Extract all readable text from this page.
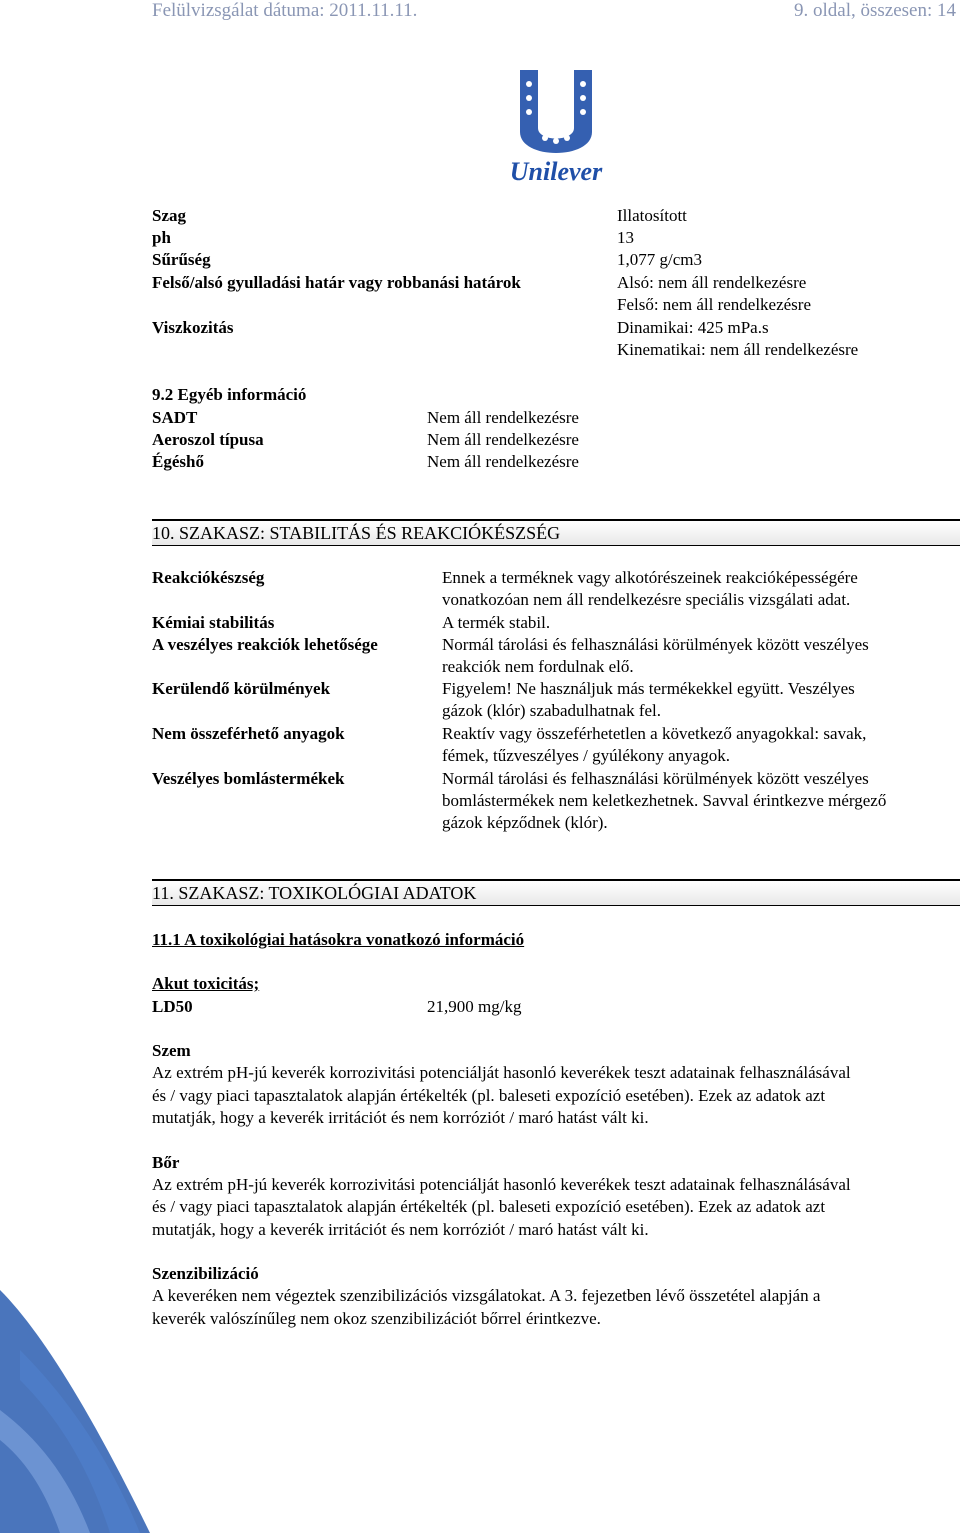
Felülvizsgálat dátuma: 2011.11.11.	9. oldal, összesen: 14
Unilever
Szag	Illatosított
ph	13
Sűrűség	1,077 g/cm3
Felső/alsó gyulladási határ vagy robbanási határok	Alsó: nem áll rendelkezésre
Felső: nem áll rendelkezésre
Viszkozitás	Dinamikai: 425 mPa.s
Kinematikai: nem áll rendelkezésre
9.2 Egyéb információ
SADT	Nem áll rendelkezésre
Aeroszol típusa	Nem áll rendelkezésre
Égéshő	Nem áll rendelkezésre
10. SZAKASZ: STABILITÁS ÉS REAKCIÓKÉSZSÉG
Reakciókészség	Ennek a terméknek vagy alkotórészeinek reakcióképességére
vonatkozóan nem áll rendelkezésre speciális vizsgálati adat.
Kémiai stabilitás	A termék stabil.
A veszélyes reakciók lehetősége	Normál tárolási és felhasználási körülmények között veszélyes
reakciók nem fordulnak elő.
Kerülendő körülmények	Figyelem! Ne használjuk más termékekkel együtt. Veszélyes
gázok (klór) szabadulhatnak fel.
Nem összeférhető anyagok	Reaktív vagy összeférhetetlen a következő anyagokkal: savak,
fémek, tűzveszélyes / gyúlékony anyagok.
Veszélyes bomlástermékek	Normál tárolási és felhasználási körülmények között veszélyes
bomlástermékek nem keletkezhetnek. Savval érintkezve mérgező
gázok képződnek (klór).
11. SZAKASZ: TOXIKOLÓGIAI ADATOK
11.1 A toxikológiai hatásokra vonatkozó információ
Akut toxicitás;
LD50	21,900 mg/kg
Szem
Az extrém pH-jú keverék korrozivitási potenciálját hasonló keverékek teszt adatainak felhasználásával
és / vagy piaci tapasztalatok alapján értékelték (pl. baleseti expozíció esetében). Ezek az adatok azt
mutatják, hogy a keverék irritációt és nem korróziót / maró hatást vált ki.
Bőr
Az extrém pH-jú keverék korrozivitási potenciálját hasonló keverékek teszt adatainak felhasználásával
és / vagy piaci tapasztalatok alapján értékelték (pl. baleseti expozíció esetében). Ezek az adatok azt
mutatják, hogy a keverék irritációt és nem korróziót / maró hatást vált ki.
Szenzibilizáció
A keveréken nem végeztek szenzibilizációs vizsgálatokat. A 3. fejezetben lévő összetétel alapján a
keverék valószínűleg nem okoz szenzibilizációt bőrrel érintkezve.
